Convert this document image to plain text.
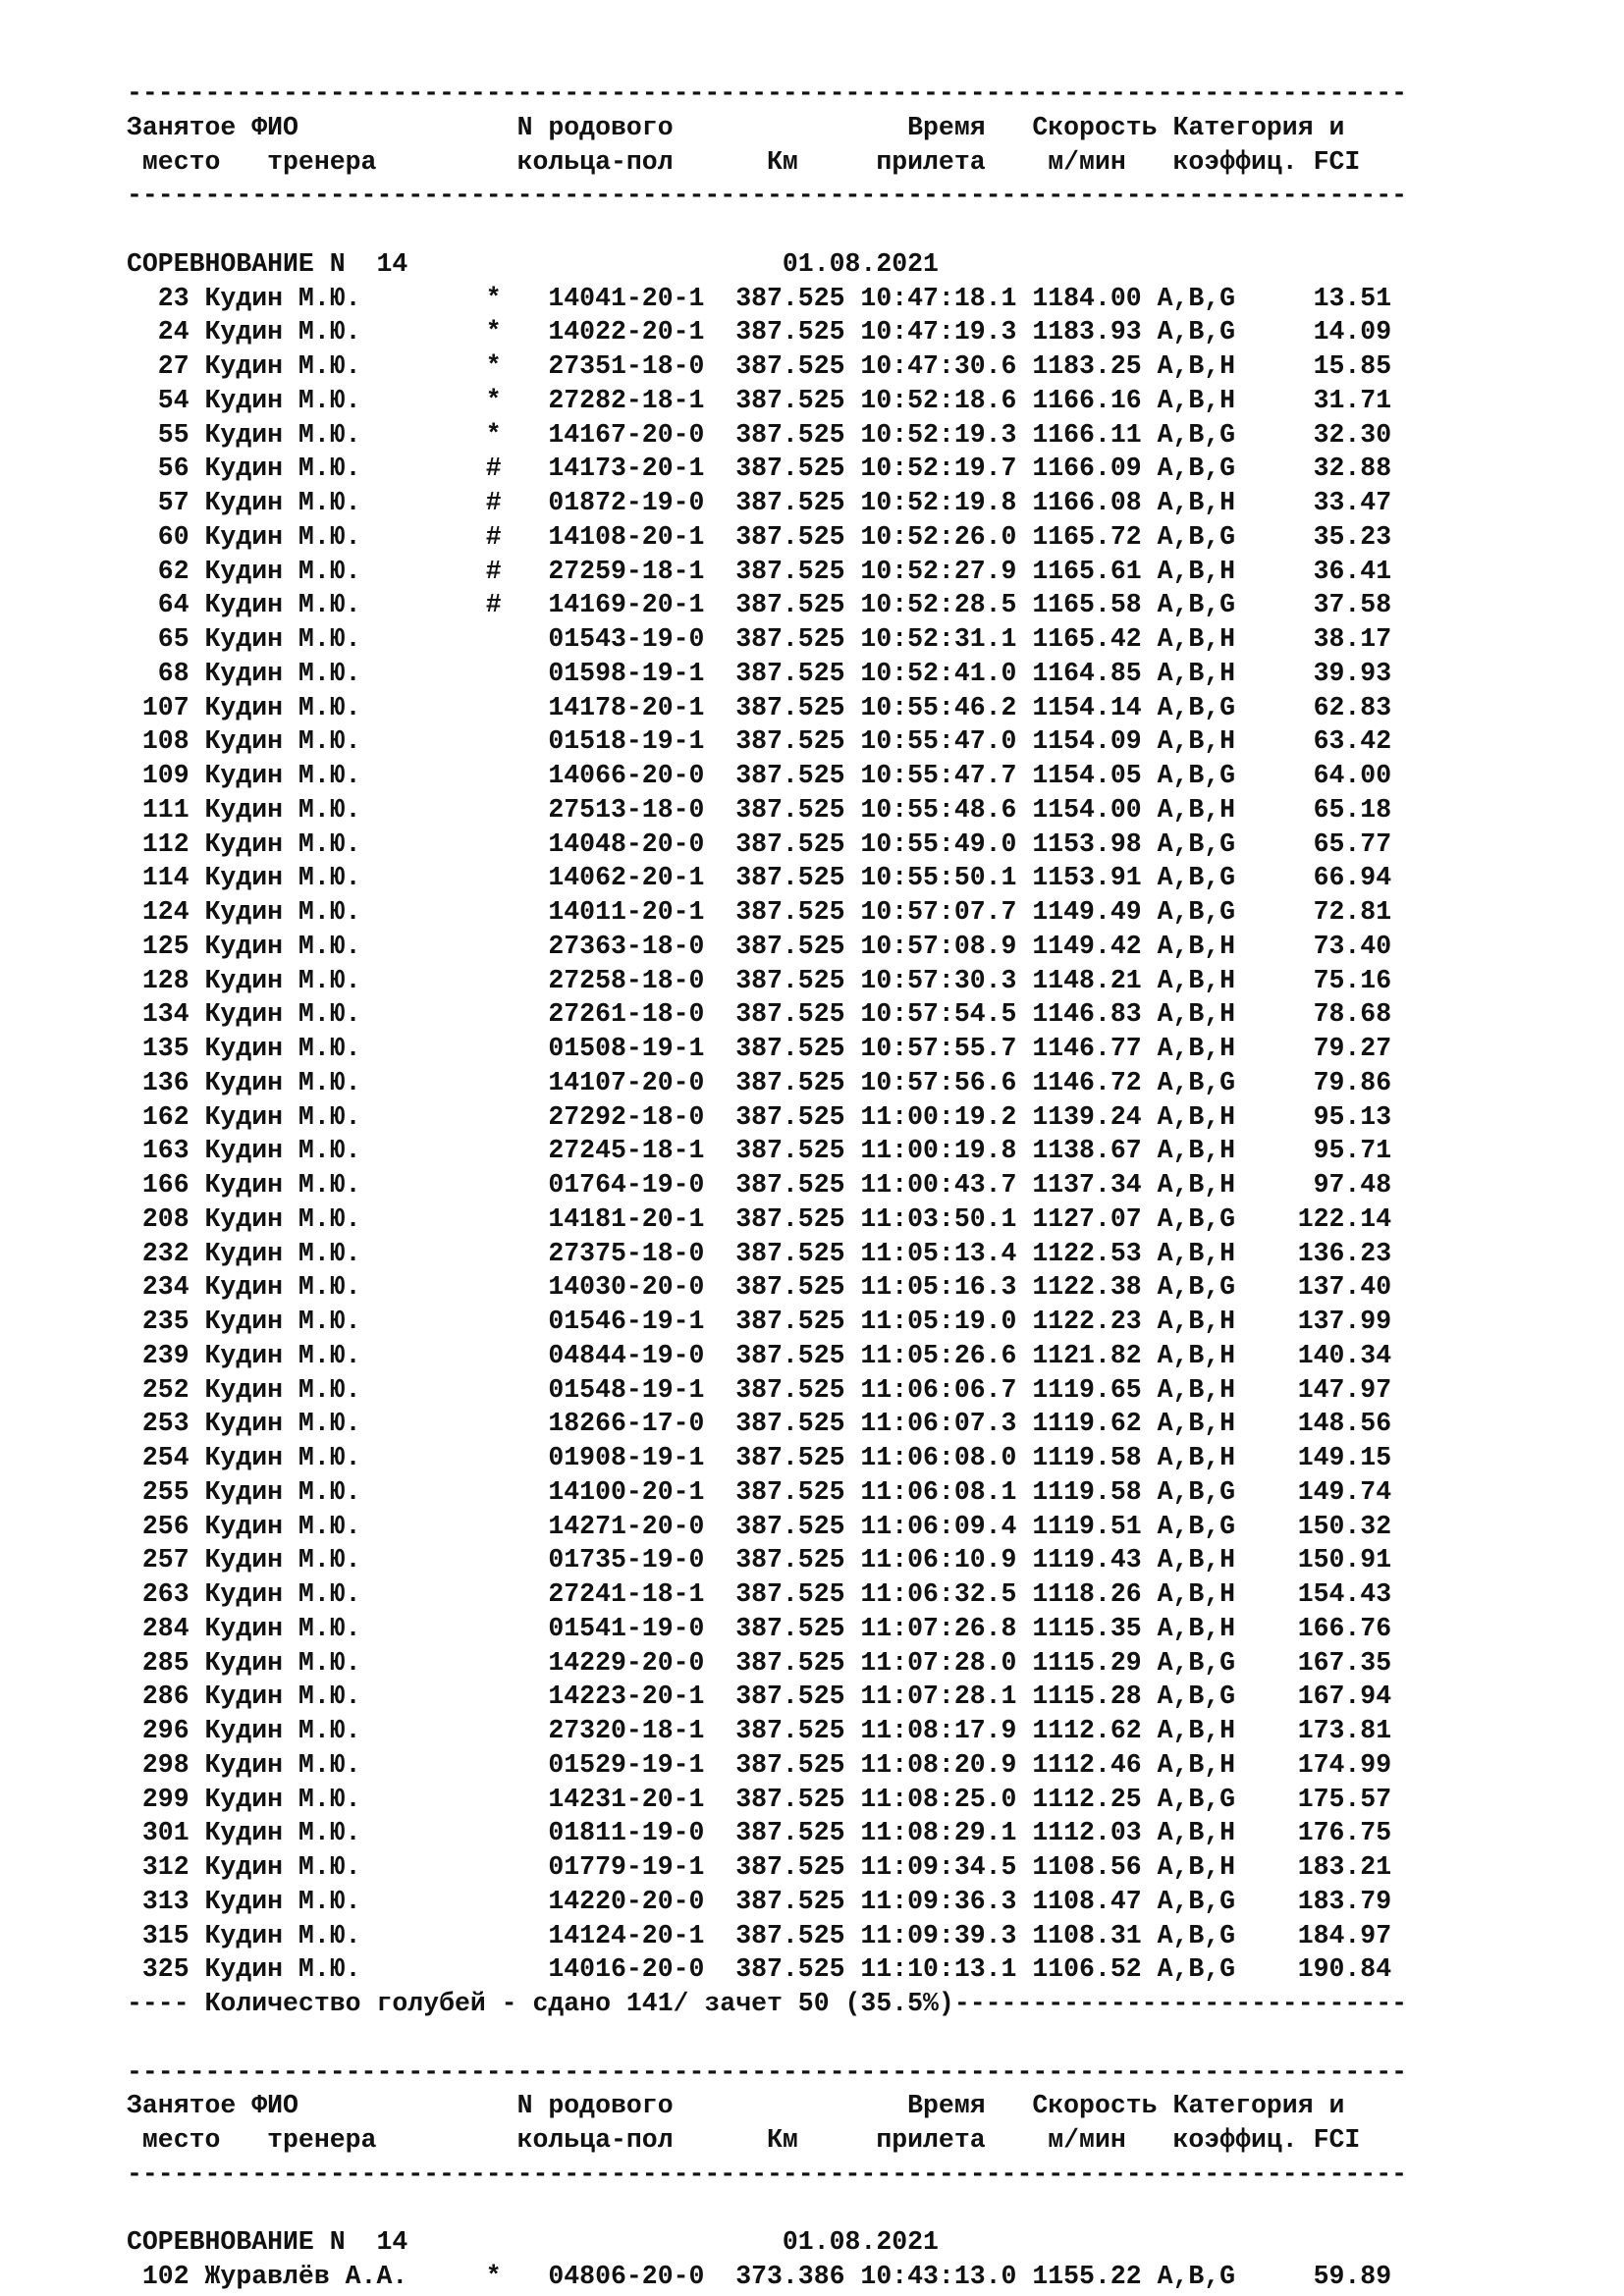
----------------------------------------------------------------------------------
Занятое ФИО              N родового               Время   Скорость Категория и
место   тренера         кольца-пол      Км     прилета    м/мин   коэффиц. FCI
----------------------------------------------------------------------------------
СОРЕВНОВАНИЕ N  14                        01.08.2021
23 Кудин М.Ю.        *   14041-20-1  387.525 10:47:18.1 1184.00 A,B,G     13.51
24 Кудин М.Ю.        *   14022-20-1  387.525 10:47:19.3 1183.93 A,B,G     14.09
27 Кудин М.Ю.        *   27351-18-0  387.525 10:47:30.6 1183.25 A,B,H     15.85
54 Кудин М.Ю.        *   27282-18-1  387.525 10:52:18.6 1166.16 A,B,H     31.71
55 Кудин М.Ю.        *   14167-20-0  387.525 10:52:19.3 1166.11 A,B,G     32.30
56 Кудин М.Ю.        #   14173-20-1  387.525 10:52:19.7 1166.09 A,B,G     32.88
57 Кудин М.Ю.        #   01872-19-0  387.525 10:52:19.8 1166.08 A,B,H     33.47
60 Кудин М.Ю.        #   14108-20-1  387.525 10:52:26.0 1165.72 A,B,G     35.23
62 Кудин М.Ю.        #   27259-18-1  387.525 10:52:27.9 1165.61 A,B,H     36.41
64 Кудин М.Ю.        #   14169-20-1  387.525 10:52:28.5 1165.58 A,B,G     37.58
65 Кудин М.Ю.            01543-19-0  387.525 10:52:31.1 1165.42 A,B,H     38.17
68 Кудин М.Ю.            01598-19-1  387.525 10:52:41.0 1164.85 A,B,H     39.93
107 Кудин М.Ю.            14178-20-1  387.525 10:55:46.2 1154.14 A,B,G     62.83
108 Кудин М.Ю.            01518-19-1  387.525 10:55:47.0 1154.09 A,B,H     63.42
109 Кудин М.Ю.            14066-20-0  387.525 10:55:47.7 1154.05 A,B,G     64.00
111 Кудин М.Ю.            27513-18-0  387.525 10:55:48.6 1154.00 A,B,H     65.18
112 Кудин М.Ю.            14048-20-0  387.525 10:55:49.0 1153.98 A,B,G     65.77
114 Кудин М.Ю.            14062-20-1  387.525 10:55:50.1 1153.91 A,B,G     66.94
124 Кудин М.Ю.            14011-20-1  387.525 10:57:07.7 1149.49 A,B,G     72.81
125 Кудин М.Ю.            27363-18-0  387.525 10:57:08.9 1149.42 A,B,H     73.40
128 Кудин М.Ю.            27258-18-0  387.525 10:57:30.3 1148.21 A,B,H     75.16
134 Кудин М.Ю.            27261-18-0  387.525 10:57:54.5 1146.83 A,B,H     78.68
135 Кудин М.Ю.            01508-19-1  387.525 10:57:55.7 1146.77 A,B,H     79.27
136 Кудин М.Ю.            14107-20-0  387.525 10:57:56.6 1146.72 A,B,G     79.86
162 Кудин М.Ю.            27292-18-0  387.525 11:00:19.2 1139.24 A,B,H     95.13
163 Кудин М.Ю.            27245-18-1  387.525 11:00:19.8 1138.67 A,B,H     95.71
166 Кудин М.Ю.            01764-19-0  387.525 11:00:43.7 1137.34 A,B,H     97.48
208 Кудин М.Ю.            14181-20-1  387.525 11:03:50.1 1127.07 A,B,G    122.14
232 Кудин М.Ю.            27375-18-0  387.525 11:05:13.4 1122.53 A,B,H    136.23
234 Кудин М.Ю.            14030-20-0  387.525 11:05:16.3 1122.38 A,B,G    137.40
235 Кудин М.Ю.            01546-19-1  387.525 11:05:19.0 1122.23 A,B,H    137.99
239 Кудин М.Ю.            04844-19-0  387.525 11:05:26.6 1121.82 A,B,H    140.34
252 Кудин М.Ю.            01548-19-1  387.525 11:06:06.7 1119.65 A,B,H    147.97
253 Кудин М.Ю.            18266-17-0  387.525 11:06:07.3 1119.62 A,B,H    148.56
254 Кудин М.Ю.            01908-19-1  387.525 11:06:08.0 1119.58 A,B,H    149.15
255 Кудин М.Ю.            14100-20-1  387.525 11:06:08.1 1119.58 A,B,G    149.74
256 Кудин М.Ю.            14271-20-0  387.525 11:06:09.4 1119.51 A,B,G    150.32
257 Кудин М.Ю.            01735-19-0  387.525 11:06:10.9 1119.43 A,B,H    150.91
263 Кудин М.Ю.            27241-18-1  387.525 11:06:32.5 1118.26 A,B,H    154.43
284 Кудин М.Ю.            01541-19-0  387.525 11:07:26.8 1115.35 A,B,H    166.76
285 Кудин М.Ю.            14229-20-0  387.525 11:07:28.0 1115.29 A,B,G    167.35
286 Кудин М.Ю.            14223-20-1  387.525 11:07:28.1 1115.28 A,B,G    167.94
296 Кудин М.Ю.            27320-18-1  387.525 11:08:17.9 1112.62 A,B,H    173.81
298 Кудин М.Ю.            01529-19-1  387.525 11:08:20.9 1112.46 A,B,H    174.99
299 Кудин М.Ю.            14231-20-1  387.525 11:08:25.0 1112.25 A,B,G    175.57
301 Кудин М.Ю.            01811-19-0  387.525 11:08:29.1 1112.03 A,B,H    176.75
312 Кудин М.Ю.            01779-19-1  387.525 11:09:34.5 1108.56 A,B,H    183.21
313 Кудин М.Ю.            14220-20-0  387.525 11:09:36.3 1108.47 A,B,G    183.79
315 Кудин М.Ю.            14124-20-1  387.525 11:09:39.3 1108.31 A,B,G    184.97
325 Кудин М.Ю.            14016-20-0  387.525 11:10:13.1 1106.52 A,B,G    190.84
---- Количество голубей - сдано 141/ зачет 50 (35.5%)-----------------------------
----------------------------------------------------------------------------------
Занятое ФИО              N родового               Время   Скорость Категория и
место   тренера         кольца-пол      Км     прилета    м/мин   коэффиц. FCI
----------------------------------------------------------------------------------
СОРЕВНОВАНИЕ N  14                        01.08.2021
102 Журавлёв А.А.     *   04806-20-0  373.386 10:43:13.0 1155.22 A,B,G     59.89
